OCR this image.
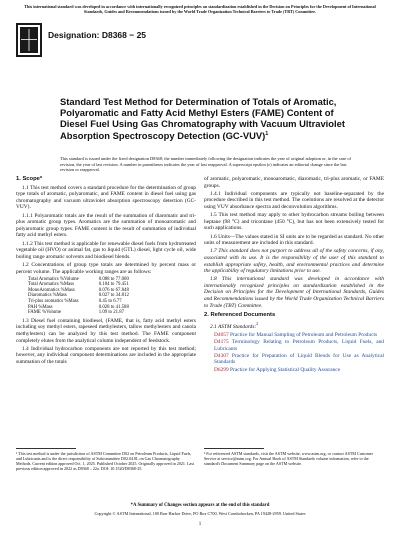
This international standard was developed in accordance with internationally recognized principles on standardization established in the Decision on Principles for the Development of International Standards, Guides and Recommendations issued by the World Trade Organization Technical Barriers to Trade (TBT) Committee.
Designation: D8368 − 25
Standard Test Method for Determination of Totals of Aromatic, Polyaromatic and Fatty Acid Methyl Esters (FAME) Content of Diesel Fuel Using Gas Chromatography with Vacuum Ultraviolet Absorption Spectroscopy Detection $(GC-VUV)^1$
This standard is issued under the fixed designation D8368; the number immediately following the designation indicates the year of original adoption or, in the case of revision, the year of last revision. A number in parentheses indicates the year of last reapproval. A superscript epsilon (ε) indicates an editorial change since the last revision or reapproval.

1. Scope*

1.1 This test method covers a standard procedure for the determination of group type totals of aromatic, polyaromatic, and FAME content in diesel fuel using gas chromatography and vacuum ultraviolet absorption spectroscopy detection (GC-VUV).

1.1.1 Polyaromatic totals are the result of the summation of diaromatic and tri-plus aromatic group types. Aromatics are the summation of monoaromatic and polyaromatic group types. FAME content is the result of summation of individual fatty acid methyl esters.

1.1.2 This test method is applicable for renewable diesel fuels from hydrotreated vegetable oil (HVO) or animal fat, gas to liquid (GTL) diesel, light cycle oil, wide boiling range aromatic solvents and biodiesel blends.

1.2 Concentrations of group type totals are determined by percent mass or percent volume. The applicable working ranges are as follows:

Total Aromatics %Volume	0.088 to 77.000
Total Aromatics %Mass	0.104 to 79.451
MonoAromatics %Mass	0.076 to 67.848
Diaromatics %Mass	0.027 to 34.812
Tri-plus aromatics %Mass	0.45 to 6.77
PAH %Mass	0.028 to 41.588
FAME %Volume	1.09 to 21.87

1.3 Diesel fuel containing biodiesel, (FAME, that is, fatty acid methyl esters including soy methyl esters, rapeseed methylesters, tallow methylesters and canola methylesters) can be analyzed by this test method. The FAME component completely elutes from the analytical column independent of feedstock.

1.4 Individual hydrocarbon components are not reported by this test method; however, any individual component determinations are included in the appropriate summation of the totals

of aromatic, polyaromatic, monoaromatic, diaromatic, tri-plus aromatic, or FAME groups.

1.4.1 Individual components are typically not baseline-separated by the procedure described in this test method. The coelutions are resolved at the detector using VUV absorbance spectra and deconvolution algorithms.

1.5 This test method may apply to other hydrocarbon streams boiling between heptane (98 °C) and tricontane (450 °C), but has not been extensively tested for such applications.

1.6 Units—The values stated in SI units are to be regarded as standard. No other units of measurement are included in this standard.

1.7 This standard does not purport to address all of the safety concerns, if any, associated with its use. It is the responsibility of the user of this standard to establish appropriate safety, health, and environmental practices and determine the applicability of regulatory limitations prior to use.

1.8 This international standard was developed in accordance with internationally recognized principles on standardization established in the Decision on Principles for the Development of International Standards, Guides and Recommendations issued by the World Trade Organization Technical Barriers to Trade (TBT) Committee.

2. Referenced Documents

2.1 ASTM Standards:$^2$

D4057 Practice for Manual Sampling of Petroleum and Petroleum Products

D4175 Terminology Relating to Petroleum Products, Liquid Fuels, and Lubricants

D4307 Practice for Preparation of Liquid Blends for Use as Analytical Standards

D6299 Practice for Applying Statistical Quality Assurance

¹ This test method is under the jurisdiction of ASTM Committee D02 on Petroleum Products, Liquid Fuels, and Lubricants and is the direct responsibility of Subcommittee D02.04.0L on Gas Chromatography Methods. Current edition approved Oct. 1, 2025. Published October 2025. Originally approved in 2021. Last previous edition approved in 2022 as D8368 – 22a. DOI: 10.1520/D8368-25.
² For referenced ASTM standards, visit the ASTM website, www.astm.org, or contact ASTM Customer Service at service@astm.org. For Annual Book of ASTM Standards volume information, refer to the standard's Document Summary page on the ASTM website.
*A Summary of Changes section appears at the end of this standard
Copyright © ASTM International, 100 Barr Harbor Drive, PO Box C700, West Conshohocken, PA 19428-2959. United States
1
